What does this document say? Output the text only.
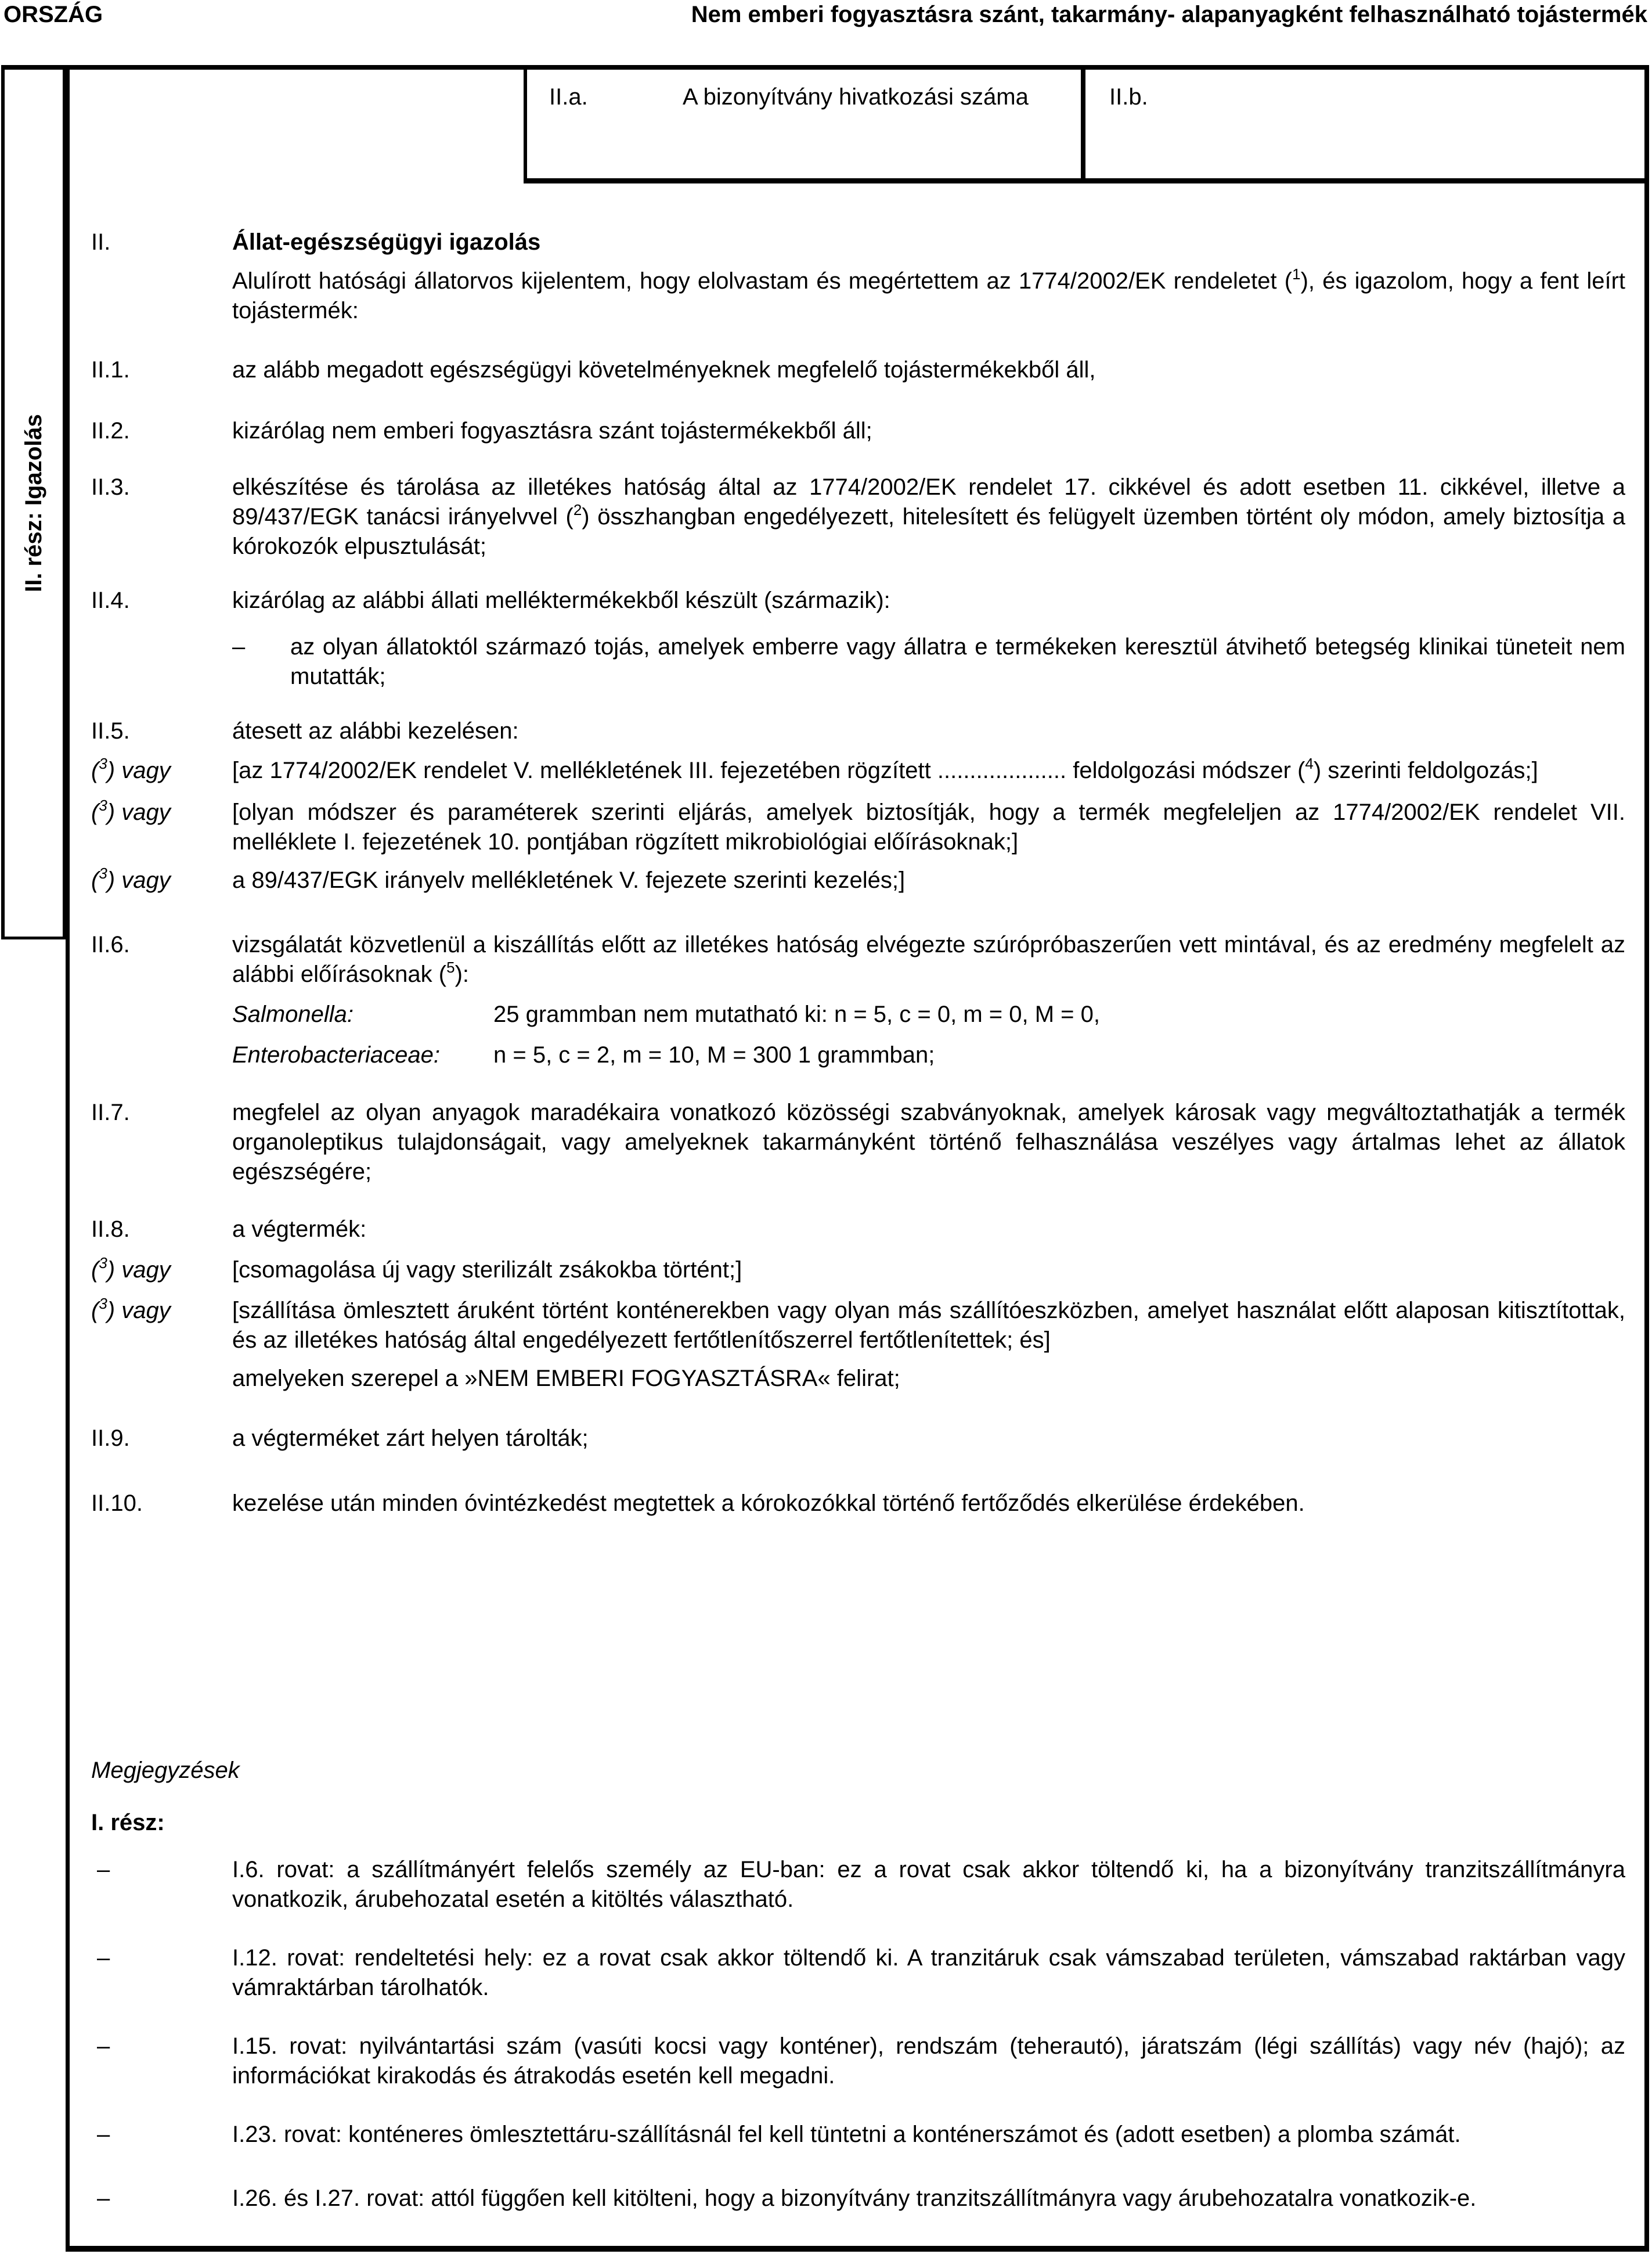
ORSZÁG	Nem emberi fogyasztásra szánt, takarmány- alapanyagként felhasználható tojástermék
II. rész: Igazolás
II.a.	A bizonyítvány hivatkozási száma	II.b.
II.	Állat-egészségügyi igazolás
Alulírott hatósági állatorvos kijelentem, hogy elolvastam és megértettem az 1774/2002/EK rendeletet ($^1$), és igazolom, hogy a fent leírt tojástermék:
II.1.	az alább megadott egészségügyi követelményeknek megfelelő tojástermékekből áll,
II.2.	kizárólag nem emberi fogyasztásra szánt tojástermékekből áll;
II.3.	elkészítése és tárolása az illetékes hatóság által az 1774/2002/EK rendelet 17. cikkével és adott esetben 11. cikkével, illetve a 89/437/EGK tanácsi irányelvvel ($^2$) összhangban engedélyezett, hitelesített és felügyelt üzemben történt oly módon, amely biztosítja a kórokozók elpusztulását;
II.4.	kizárólag az alábbi állati melléktermékekből készült (származik):
–	az olyan állatoktól származó tojás, amelyek emberre vagy állatra e termékeken keresztül átvihető betegség klinikai tüneteit nem mutatták;
II.5.	átesett az alábbi kezelésen:
($^3$) vagy	[az 1774/2002/EK rendelet V. mellékletének III. fejezetében rögzített .................... feldolgozási módszer ($^4$) szerinti feldolgozás;]
($^3$) vagy	[olyan módszer és paraméterek szerinti eljárás, amelyek biztosítják, hogy a termék megfeleljen az 1774/2002/EK rendelet VII. melléklete I. fejezetének 10. pontjában rögzített mikrobiológiai előírásoknak;]
($^3$) vagy	a 89/437/EGK irányelv mellékletének V. fejezete szerinti kezelés;]
II.6.	vizsgálatát közvetlenül a kiszállítás előtt az illetékes hatóság elvégezte szúrópróbaszerűen vett mintával, és az eredmény megfelelt az alábbi előírásoknak ($^5$):
Salmonella:	25 grammban nem mutatható ki: n = 5, c = 0, m = 0, M = 0,
Enterobacteriaceae:	n = 5, c = 2, m = 10, M = 300 1 grammban;
II.7.	megfelel az olyan anyagok maradékaira vonatkozó közösségi szabványoknak, amelyek károsak vagy megváltoztathatják a termék organoleptikus tulajdonságait, vagy amelyeknek takarmányként történő felhasználása veszélyes vagy ártalmas lehet az állatok egészségére;
II.8.	a végtermék:
($^3$) vagy	[csomagolása új vagy sterilizált zsákokba történt;]
($^3$) vagy	[szállítása ömlesztett áruként történt konténerekben vagy olyan más szállítóeszközben, amelyet használat előtt alaposan kitisztítottak, és az illetékes hatóság által engedélyezett fertőtlenítőszerrel fertőtlenítettek; és]
amelyeken szerepel a »NEM EMBERI FOGYASZTÁSRA« felirat;
II.9.	a végterméket zárt helyen tárolták;
II.10.	kezelése után minden óvintézkedést megtettek a kórokozókkal történő fertőződés elkerülése érdekében.
Megjegyzések
I. rész:
–	I.6. rovat: a szállítmányért felelős személy az EU-ban: ez a rovat csak akkor töltendő ki, ha a bizonyítvány tranzitszállítmányra vonatkozik, árubehozatal esetén a kitöltés választható.
–	I.12. rovat: rendeltetési hely: ez a rovat csak akkor töltendő ki. A tranzitáruk csak vámszabad területen, vámszabad raktárban vagy vámraktárban tárolhatók.
–	I.15. rovat: nyilvántartási szám (vasúti kocsi vagy konténer), rendszám (teherautó), járatszám (légi szállítás) vagy név (hajó); az információkat kirakodás és átrakodás esetén kell megadni.
–	I.23. rovat: konténeres ömlesztettáru-szállításnál fel kell tüntetni a konténerszámot és (adott esetben) a plomba számát.
–	I.26. és I.27. rovat: attól függően kell kitölteni, hogy a bizonyítvány tranzitszállítmányra vagy árubehozatalra vonatkozik-e.
